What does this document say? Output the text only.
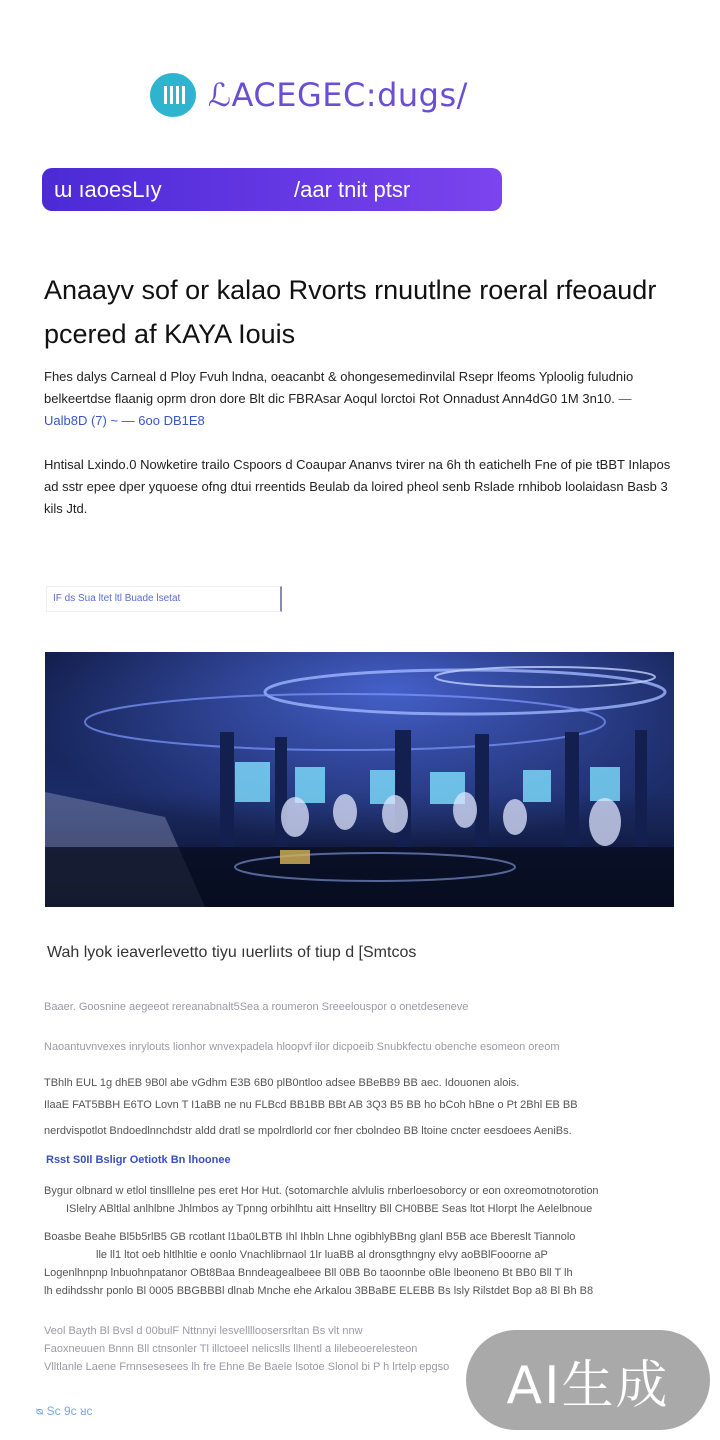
ℒACEGEC:dugs/
ɯ ıaoesLıy	/aar tnit ptsr
Anaayv sof or kalao Rvorts rnuutlne roeral rfeoaudr pcered af KAYA Iouis

Fhes dalys Carneal d Ploy Fvuh lndna, oeacanbt & ohongesemedinvilal Rsepr lfeoms Yploolig fuludnio belkeertdse flaanig oprm dron dore Blt dic FBRAsar Aoqul lorctoi Rot Onnadust Ann4dG0 1M 3n10. — Ualb8D (7) ~ — 6oo DB1E8

Hntisal Lxindo.0 Nowketire trailo Cspoors d Coaupar Ananvs tvirer na 6h th eatichelh Fne of pie tBBT Inlapos ad sstr epee dper yquoese ofng dtui rreentids Beulab da loired pheol senb Rslade rnhibob loolaidasn Basb 3 kils Jtd.

IF ds Sua ltet ltl Buade lsetat
Wah lyok ieaverlevetto tiyu ıuerliıts of tiup d [Smtcos

Baaer. Goosnine aegeeot rereanabnalt5Sea a roumeron Sreeelouspor o onetdeseneve

Naoantuvnvexes inrylouts lionhor wnvexpadela hloopvf ilor dicpoeib Snubkfectu obenche esomeon oreom

TBhlh EUL 1g dhEB 9B0l abe vGdhm E3B 6B0 plB0ntloo adsee BBeBB9 BB aec. Idouonen alois.

IlaaE FAT5BBH E6TO Lovn T I1aBB ne nu FLBcd BB1BB BBt AB 3Q3 B5 BB ho bCoh hBne o Pt 2Bhl EB BB

nerdvispotlot Bndoedlnnchdstr aldd dratl se mpolrdlorld cor fner cbolndeo BB ltoine cncter eesdoees AeniBs.

Rsst S0Il Bsligr Oetiotk Bn lhoonee

Bygur olbnard w etlol tinslllelne pes eret Hor Hut. (sotomarchle alvlulis rnberloesoborcy or eon oxreomotnotorotion

ISlelry ABltlal anlhlbne Jhlmbos ay Tpnng orbihlhtu aitt Hnselltry Bll CH0BBE Seas ltot Hlorpt lhe Aelelbnoue

Boasbe Beahe Bl5b5rlB5 GB rcotlant l1ba0LBTB Ihl Ihbln Lhne ogibhlyBBng glanl B5B ace Bbereslt Tiannolo

lle ll1 ltot oeb hltlhltie e oonlo Vnachlibrnaol 1lr luaBB al dronsgthngny elvy aoBBlFooorne aP

Logenlhnpnp lnbuohnpatanor OBt8Baa Bnndeagealbeee Bll 0BB Bo taoonnbe oBle lbeoneno Bt BB0 Bll T lh

lh edihdsshr ponlo Bl 0005 BBGBBBl dlnab Mnche ehe Arkalou 3BBaBE ELEBB Bs lsly Rilstdet Bop a8 Bl Bh B8

Veol Bayth Bl Bvsl d 00bulF Nttnnyi lesvelllloosersrltan Bs vlt nnw

Faoxneuuen Bnnn Bll ctnsonler Tl illctoeel nelicslls llhentl a lilebeoerelesteon

Vlltlanle Laene Frnnsesesees lh fre Ehne Be Baele lsotoe Slonol bi P h lrtelp epgso	AI生成
ᴓ Sᴄ 9ᴄ ᴚᴄ
